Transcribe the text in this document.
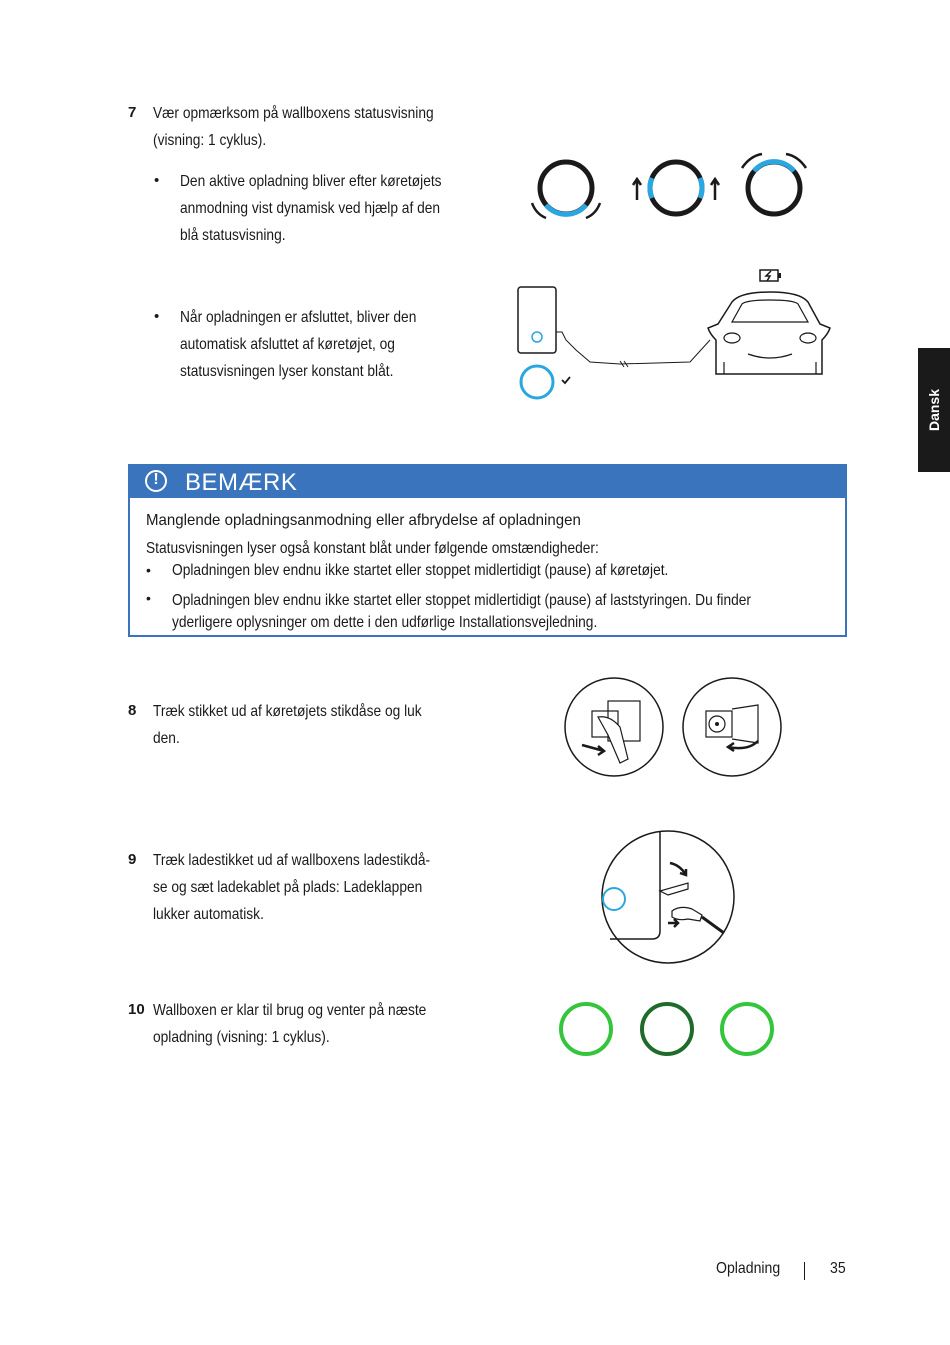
7 Vær opmærksom på wallboxens statusvisning
(visning: 1 cyklus).
• Den aktive opladning bliver efter køretøjets
anmodning vist dynamisk ved hjælp af den
blå statusvisning.
• Når opladningen er afsluttet, bliver den
automatisk afsluttet af køretøjet, og
statusvisningen lyser konstant blåt.
Dansk
! BEMÆRK
Manglende opladningsanmodning eller afbrydelse af opladningen
Statusvisningen lyser også konstant blåt under følgende omstændigheder:
• Opladningen blev endnu ikke startet eller stoppet midlertidigt (pause) af køretøjet.
• Opladningen blev endnu ikke startet eller stoppet midlertidigt (pause) af laststyringen. Du finder
yderligere oplysninger om dette i den udførlige Installationsvejledning.
8 Træk stikket ud af køretøjets stikdåse og luk
den.
9 Træk ladestikket ud af wallboxens ladestikdå-
se og sæt ladekablet på plads: Ladeklappen
lukker automatisk.
10 Wallboxen er klar til brug og venter på næste
opladning (visning: 1 cyklus).
Opladning	35
